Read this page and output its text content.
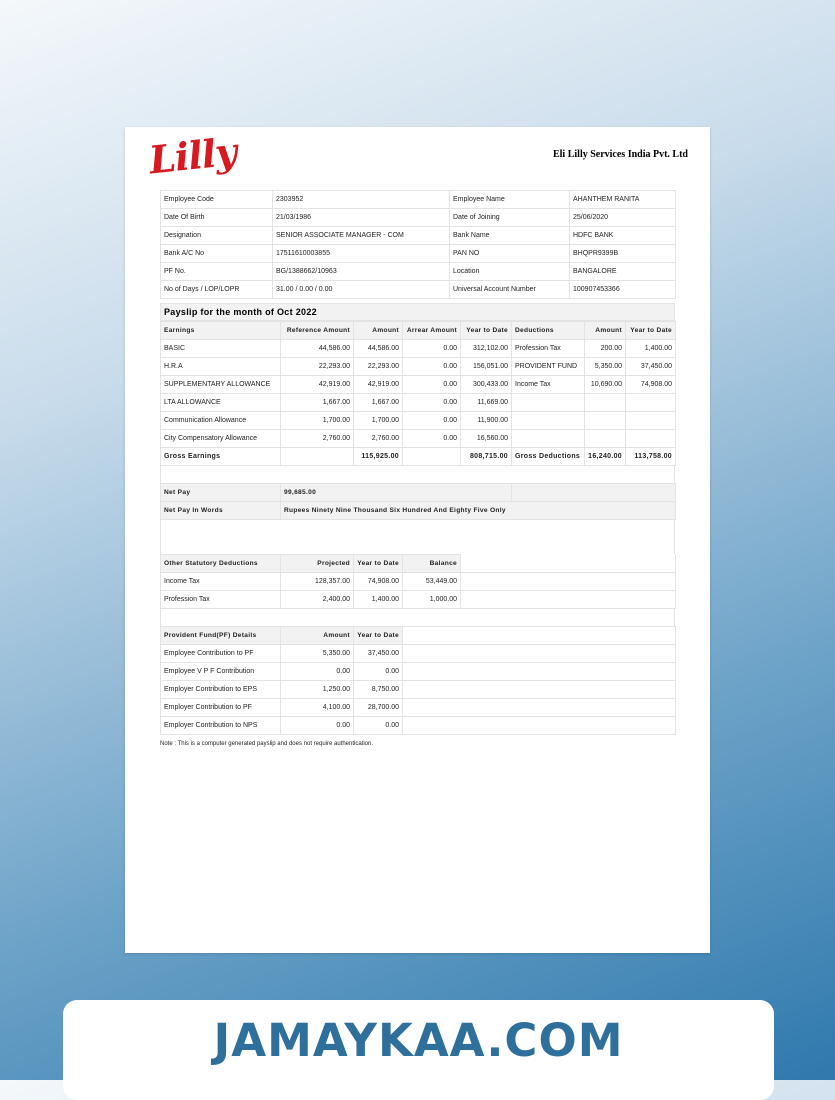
Lilly	Eli Lilly Services India Pvt. Ltd
Employee Code	2303952	Employee Name	AHANTHEM RANITA
Date Of Birth	21/03/1986	Date of Joining	25/06/2020
Designation	SENIOR ASSOCIATE MANAGER - COM	Bank Name	HDFC BANK
Bank A/C No	17511610003855	PAN NO	BHQPR9399B
PF No.	BG/1388662/10963	Location	BANGALORE
No of Days / LOP/LOPR	31.00 / 0.00 / 0.00	Universal Account Number	100907453366
Payslip for the month of Oct 2022
Earnings	Reference Amount	Amount	Arrear Amount	Year to Date	Deductions	Amount	Year to Date
BASIC	44,586.00	44,586.00	0.00	312,102.00	Profession Tax	200.00	1,400.00
H.R.A	22,293.00	22,293.00	0.00	156,051.00	PROVIDENT FUND	5,350.00	37,450.00
SUPPLEMENTARY ALLOWANCE	42,919.00	42,919.00	0.00	300,433.00	Income Tax	10,690.00	74,908.00
LTA ALLOWANCE	1,667.00	1,667.00	0.00	11,669.00			
Communication Allowance	1,700.00	1,700.00	0.00	11,900.00			
City Compensatory Allowance	2,760.00	2,760.00	0.00	16,560.00			
Gross Earnings		115,925.00		808,715.00	Gross Deductions	16,240.00	113,758.00
Net Pay	99,685.00	
Net Pay In Words	Rupees Ninety Nine Thousand Six Hundred And Eighty Five Only	
Other Statutory Deductions	Projected	Year to Date	Balance	
Income Tax	128,357.00	74,908.00	53,449.00	
Profession Tax	2,400.00	1,400.00	1,000.00	
Provident Fund(PF) Details	Amount	Year to Date	
Employee Contribution to PF	5,350.00	37,450.00	
Employee V P F Contribution	0.00	0.00	
Employer Contribution to EPS	1,250.00	8,750.00	
Employer Contribution to PF	4,100.00	28,700.00	
Employer Contribution to NPS	0.00	0.00	
Note : This is a computer generated payslip and does not require authentication.
JAMAYKAA.COM
